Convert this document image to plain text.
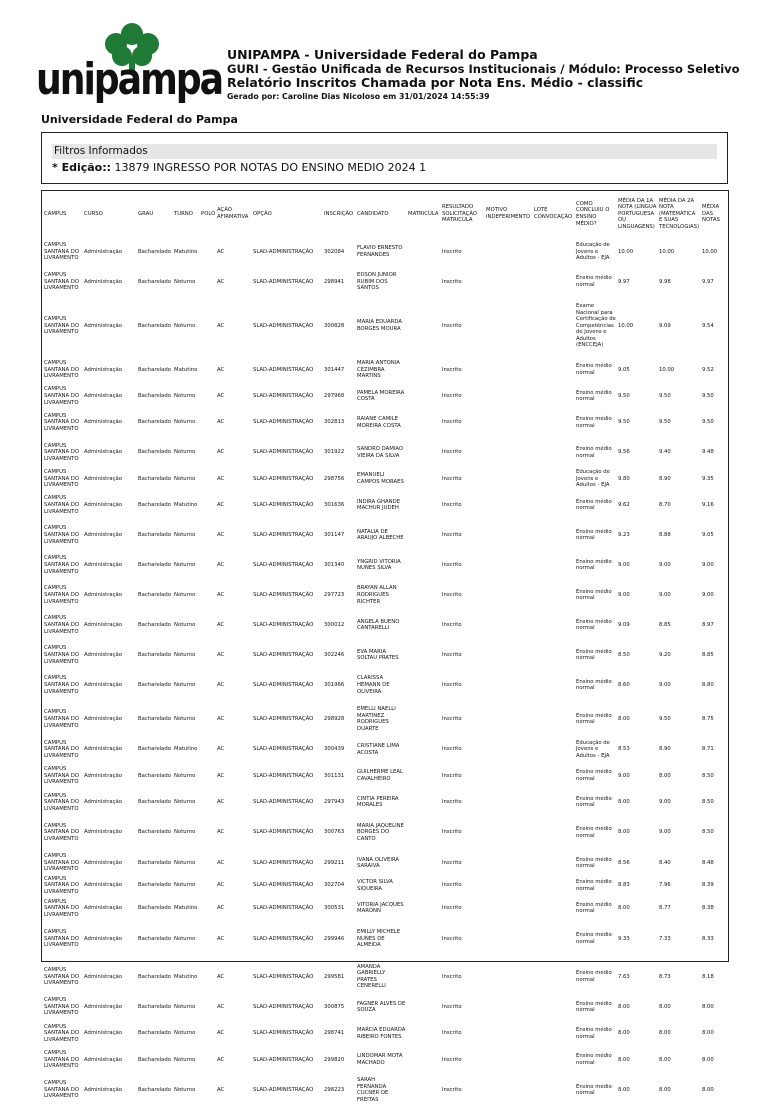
unipampa UNIPAMPA - Universidade Federal do Pampa
GURI - Gestão Unificada de Recursos Institucionais / Módulo: Processo Seletivo
Relatório Inscritos Chamada por Nota Ens. Médio - classific
Gerado por: Caroline Dias Nicoloso em 31/01/2024 14:55:39
Universidade Federal do Pampa
Filtros Informados
* Edição:: 13879 INGRESSO POR NOTAS DO ENSINO MEDIO 2024 1
CAMPUS	CURSO	GRAU	TURNO	POLO	AÇÃO AFIRMATIVA	OPÇÃO	INSCRIÇÃO	CANDIDATO	MATRICULA	RESULTADO SOLICITAÇÃO MATRICULA	MOTIVO INDEFERIMENTO	LOTE CONVOCAÇÃO	COMO CONCLUIU O ENSINO MÉDIO?	MÉDIA DA 1A NOTA (LINGUA PORTUGUESA OU LINGUAGENS)	MÉDIA DA 2A NOTA (MATEMÁTICA E SUAS TECNOLOGIAS)	MÉDIA DAS NOTAS
CAMPUS SANTANA DO LIVRAMENTO	Administração	Bacharelado	Matutino		AC	SLAD-ADMINISTRAÇÃO	302084	FLAVIO ERNESTO FERNANDES		Inscrito			Educação de Jovens e Adultos - EJA	10.00	10.00	10.00
CAMPUS SANTANA DO LIVRAMENTO	Administração	Bacharelado	Noturno		AC	SLAD-ADMINISTRAÇÃO	298941	EDSON JUNIOR RUBIM DOS SANTOS		Inscrito			Ensino médio normal	9.97	9.98	9.97
CAMPUS SANTANA DO LIVRAMENTO	Administração	Bacharelado	Noturno		AC	SLAD-ADMINISTRAÇÃO	300828	MARIA EDUARDA BORGES MOURA		Inscrito			Exame Nacional para Certificação de Competências de Jovens e Adultos (ENCCEJA)	10.00	9.09	9.54
CAMPUS SANTANA DO LIVRAMENTO	Administração	Bacharelado	Matutino		AC	SLAD-ADMINISTRAÇÃO	301447	MARIA ANTONIA CEZIMBRA MARTINS		Inscrito			Ensino médio normal	9.05	10.00	9.52
CAMPUS SANTANA DO LIVRAMENTO	Administração	Bacharelado	Noturno		AC	SLAD-ADMINISTRAÇÃO	297968	PAMELA MOREIRA COSTA		Inscrito			Ensino médio normal	9.50	9.50	9.50
CAMPUS SANTANA DO LIVRAMENTO	Administração	Bacharelado	Noturno		AC	SLAD-ADMINISTRAÇÃO	302813	RAIANE CAMILE MOREIRA COSTA		Inscrito			Ensino médio normal	9.50	9.50	9.50
CAMPUS SANTANA DO LIVRAMENTO	Administração	Bacharelado	Noturno		AC	SLAD-ADMINISTRAÇÃO	301922	SANDRO DAMIAO VIEIRA DA SILVA		Inscrito			Ensino médio normal	9.56	9.40	9.48
CAMPUS SANTANA DO LIVRAMENTO	Administração	Bacharelado	Noturno		AC	SLAD-ADMINISTRAÇÃO	298756	EMANUELI CAMPOS MORAES		Inscrito			Educação de Jovens e Adultos - EJA	9.80	8.90	9.35
CAMPUS SANTANA DO LIVRAMENTO	Administração	Bacharelado	Matutino		AC	SLAD-ADMINISTRAÇÃO	301636	INDIRA GHANDE MACHUR JUDEH		Inscrito			Ensino médio normal	9.62	8.70	9.16
CAMPUS SANTANA DO LIVRAMENTO	Administração	Bacharelado	Noturno		AC	SLAD-ADMINISTRAÇÃO	301147	NATALIA DE ARAUJO ALBECHE		Inscrito			Ensino médio normal	9.23	8.88	9.05
CAMPUS SANTANA DO LIVRAMENTO	Administração	Bacharelado	Noturno		AC	SLAD-ADMINISTRAÇÃO	301340	YNGRID VITORIA NUNES SILVA		Inscrito			Ensino médio normal	9.00	9.00	9.00
CAMPUS SANTANA DO LIVRAMENTO	Administração	Bacharelado	Noturno		AC	SLAD-ADMINISTRAÇÃO	297723	BRAYAN ALLAN RODRIGUES RICHTER		Inscrito			Ensino médio normal	9.00	9.00	9.00
CAMPUS SANTANA DO LIVRAMENTO	Administração	Bacharelado	Noturno		AC	SLAD-ADMINISTRAÇÃO	300012	ANGELA BUENO CANTARELLI		Inscrito			Ensino médio normal	9.09	8.85	8.97
CAMPUS SANTANA DO LIVRAMENTO	Administração	Bacharelado	Noturno		AC	SLAD-ADMINISTRAÇÃO	302246	EVA MARIA SOLTAU PRATES		Inscrito			Ensino médio normal	8.50	9.20	8.85
CAMPUS SANTANA DO LIVRAMENTO	Administração	Bacharelado	Noturno		AC	SLAD-ADMINISTRAÇÃO	301966	CLARISSA HEMANN DE OLIVEIRA		Inscrito			Ensino médio normal	8.60	9.00	8.80
CAMPUS SANTANA DO LIVRAMENTO	Administração	Bacharelado	Noturno		AC	SLAD-ADMINISTRAÇÃO	298928	EMELLI NAELLI MARTINEZ RODRIGUES DUARTE		Inscrito			Ensino médio normal	8.00	9.50	8.75
CAMPUS SANTANA DO LIVRAMENTO	Administração	Bacharelado	Matutino		AC	SLAD-ADMINISTRAÇÃO	300439	CRISTIANE LIMA ACOSTA		Inscrito			Educação de Jovens e Adultos - EJA	8.53	8.90	8.71
CAMPUS SANTANA DO LIVRAMENTO	Administração	Bacharelado	Noturno		AC	SLAD-ADMINISTRAÇÃO	301131	GUILHERME LEAL CAVALHEIRO		Inscrito			Ensino médio normal	9.00	8.00	8.50
CAMPUS SANTANA DO LIVRAMENTO	Administração	Bacharelado	Noturno		AC	SLAD-ADMINISTRAÇÃO	297943	CINTIA PEREIRA MORALES		Inscrito			Ensino médio normal	8.00	9.00	8.50
CAMPUS SANTANA DO LIVRAMENTO	Administração	Bacharelado	Noturno		AC	SLAD-ADMINISTRAÇÃO	300763	MARIA JAQUELINE BORGES DO CANTO		Inscrito			Ensino médio normal	8.00	9.00	8.50
CAMPUS SANTANA DO LIVRAMENTO	Administração	Bacharelado	Noturno		AC	SLAD-ADMINISTRAÇÃO	299211	IVANA OLIVEIRA SARAIVA		Inscrito			Ensino médio normal	8.56	8.40	8.48
CAMPUS SANTANA DO LIVRAMENTO	Administração	Bacharelado	Noturno		AC	SLAD-ADMINISTRAÇÃO	302704	VICTOR SILVA SIQUEIRA		Inscrito			Ensino médio normal	8.83	7.96	8.39
CAMPUS SANTANA DO LIVRAMENTO	Administração	Bacharelado	Matutino		AC	SLAD-ADMINISTRAÇÃO	300531	VITORIA JACQUES MARONN		Inscrito			Ensino médio normal	8.00	8.77	8.38
CAMPUS SANTANA DO LIVRAMENTO	Administração	Bacharelado	Noturno		AC	SLAD-ADMINISTRAÇÃO	299946	EMILLY MICHELE NUNES DE ALMEIDA		Inscrito			Ensino médio normal	9.33	7.33	8.33
CAMPUS SANTANA DO LIVRAMENTO	Administração	Bacharelado	Matutino		AC	SLAD-ADMINISTRAÇÃO	299581	AMANDA GABRIELLY PRATES CENERELLI		Inscrito			Ensino médio normal	7.63	8.73	8.18
CAMPUS SANTANA DO LIVRAMENTO	Administração	Bacharelado	Noturno		AC	SLAD-ADMINISTRAÇÃO	300875	FAGNER ALVES DE SOUZA		Inscrito			Ensino médio normal	8.00	8.00	8.00
CAMPUS SANTANA DO LIVRAMENTO	Administração	Bacharelado	Noturno		AC	SLAD-ADMINISTRAÇÃO	298741	MARCIA EDUARDA RIBEIRO FONTES		Inscrito			Ensino médio normal	8.00	8.00	8.00
CAMPUS SANTANA DO LIVRAMENTO	Administração	Bacharelado	Noturno		AC	SLAD-ADMINISTRAÇÃO	299820	LINDOMAR MOTA MACHADO		Inscrito			Ensino médio normal	8.00	8.00	8.00
CAMPUS SANTANA DO LIVRAMENTO	Administração	Bacharelado	Noturno		AC	SLAD-ADMINISTRAÇÃO	298223	SARAH FERNANDA CUCNER DE FREITAS		Inscrito			Ensino médio normal	8.00	8.00	8.00
